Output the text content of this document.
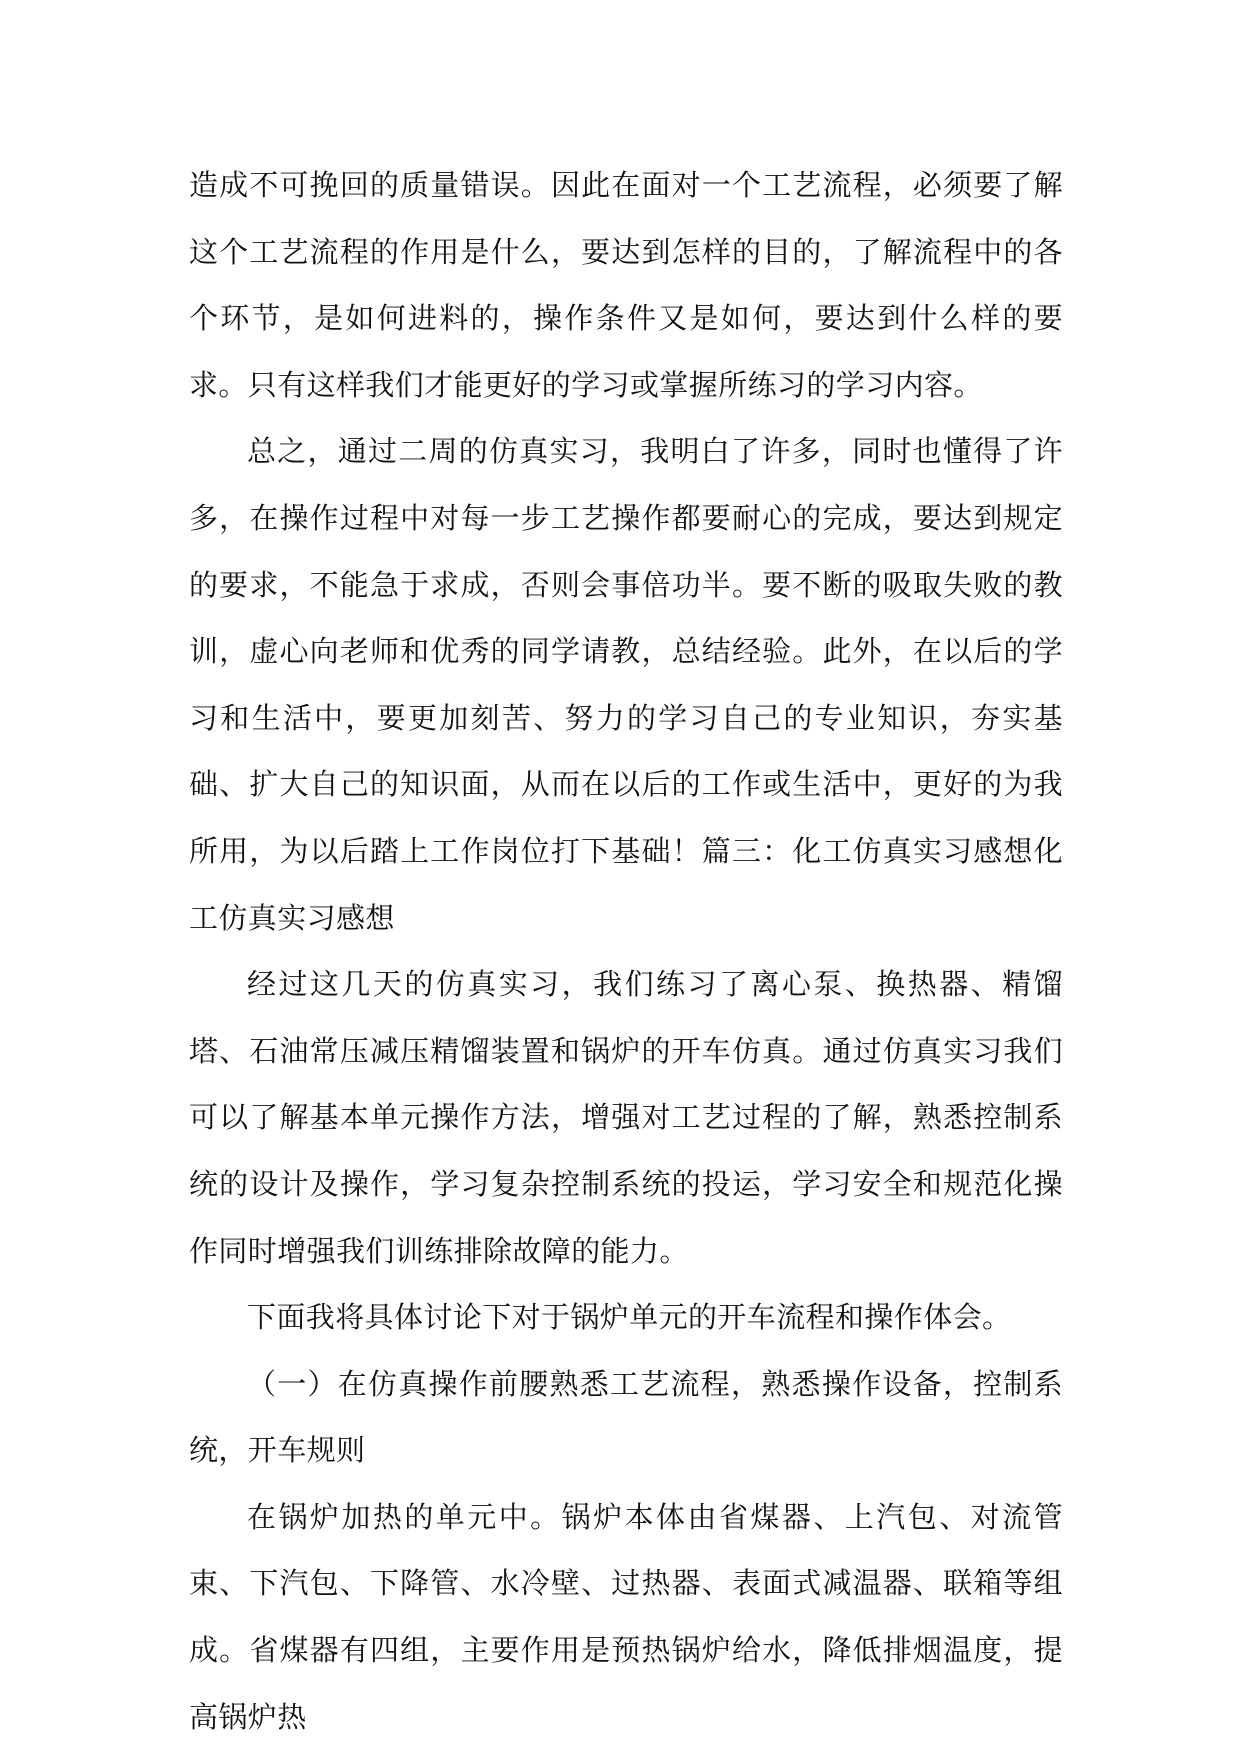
造成不可挽回的质量错误。因此在面对一个工艺流程，必须要了解这个工艺流程的作用是什么，要达到怎样的目的，了解流程中的各个环节，是如何进料的，操作条件又是如何，要达到什么样的要求。只有这样我们才能更好的学习或掌握所练习的学习内容。

总之，通过二周的仿真实习，我明白了许多，同时也懂得了许多，在操作过程中对每一步工艺操作都要耐心的完成，要达到规定的要求，不能急于求成，否则会事倍功半。要不断的吸取失败的教训，虚心向老师和优秀的同学请教，总结经验。此外，在以后的学习和生活中，要更加刻苦、努力的学习自己的专业知识，夯实基础、扩大自己的知识面，从而在以后的工作或生活中，更好的为我所用，为以后踏上工作岗位打下基础！篇三：化工仿真实习感想化工仿真实习感想

经过这几天的仿真实习，我们练习了离心泵、换热器、精馏塔、石油常压减压精馏装置和锅炉的开车仿真。通过仿真实习我们可以了解基本单元操作方法，增强对工艺过程的了解，熟悉控制系统的设计及操作，学习复杂控制系统的投运，学习安全和规范化操作同时增强我们训练排除故障的能力。

下面我将具体讨论下对于锅炉单元的开车流程和操作体会。

（一）在仿真操作前腰熟悉工艺流程，熟悉操作设备，控制系统，开车规则

在锅炉加热的单元中。锅炉本体由省煤器、上汽包、对流管束、下汽包、下降管、水冷壁、过热器、表面式减温器、联箱等组成。省煤器有四组，主要作用是预热锅炉给水，降低排烟温度，提高锅炉热
